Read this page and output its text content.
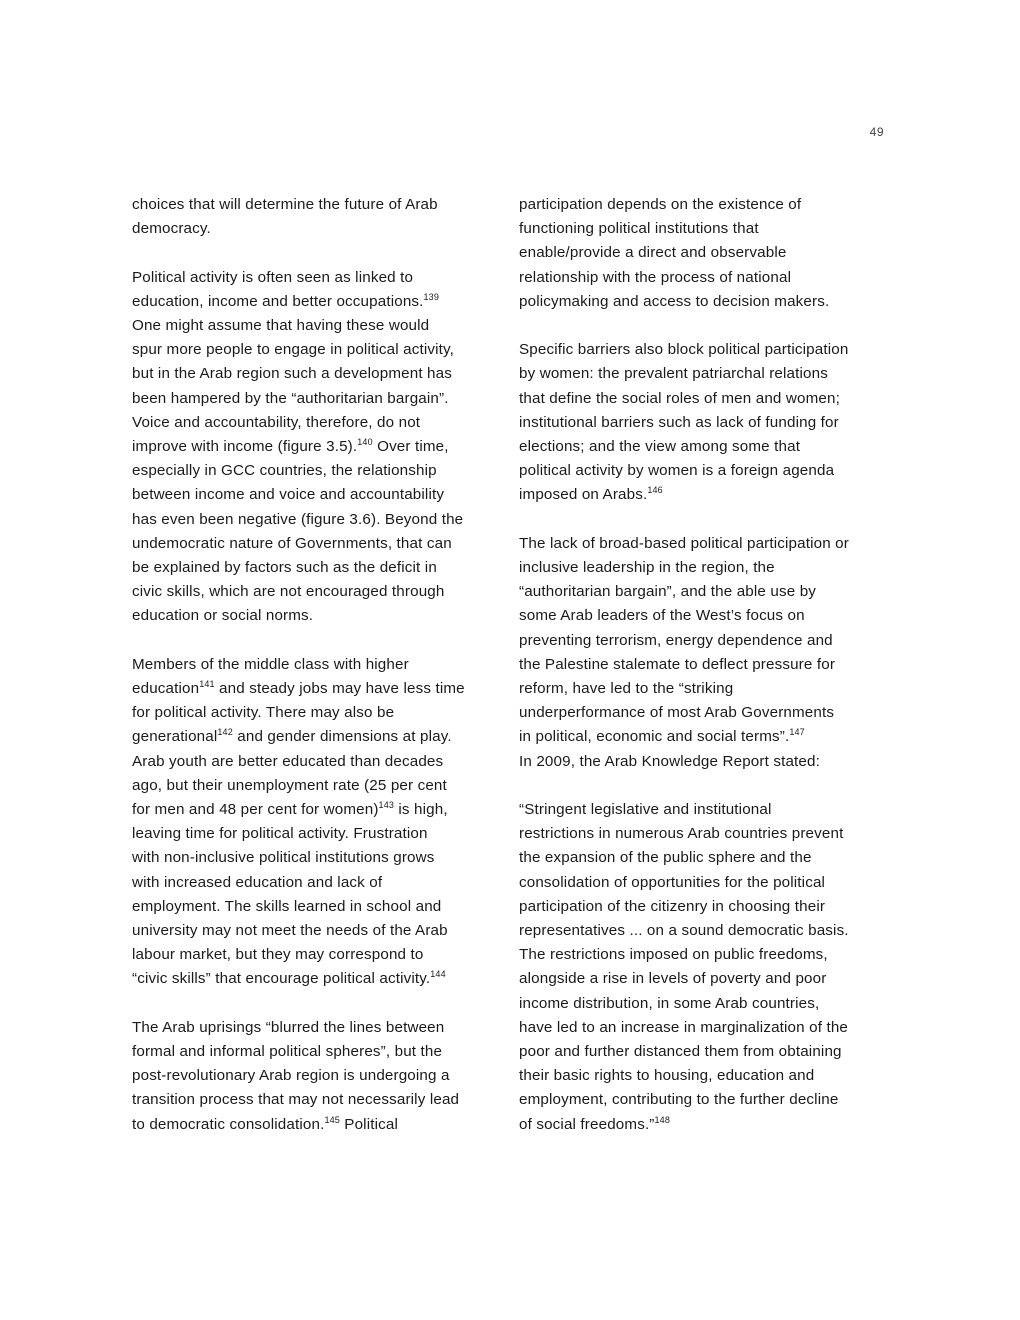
49

choices that will determine the future of Arab
democracy.

Political activity is often seen as linked to
education, income and better occupations.$^{139}$
One might assume that having these would
spur more people to engage in political activity,
but in the Arab region such a development has
been hampered by the “authoritarian bargain”.
Voice and accountability, therefore, do not
improve with income (figure 3.5).$^{140}$ Over time,
especially in GCC countries, the relationship
between income and voice and accountability
has even been negative (figure 3.6). Beyond the
undemocratic nature of Governments, that can
be explained by factors such as the deficit in
civic skills, which are not encouraged through
education or social norms.

Members of the middle class with higher
education$^{141}$ and steady jobs may have less time
for political activity. There may also be
generational$^{142}$ and gender dimensions at play.
Arab youth are better educated than decades
ago, but their unemployment rate (25 per cent
for men and 48 per cent for women)$^{143}$ is high,
leaving time for political activity. Frustration
with non-inclusive political institutions grows
with increased education and lack of
employment. The skills learned in school and
university may not meet the needs of the Arab
labour market, but they may correspond to
“civic skills” that encourage political activity.$^{144}$

The Arab uprisings “blurred the lines between
formal and informal political spheres”, but the
post-revolutionary Arab region is undergoing a
transition process that may not necessarily lead
to democratic consolidation.$^{145}$ Political

participation depends on the existence of
functioning political institutions that
enable/provide a direct and observable
relationship with the process of national
policymaking and access to decision makers.

Specific barriers also block political participation
by women: the prevalent patriarchal relations
that define the social roles of men and women;
institutional barriers such as lack of funding for
elections; and the view among some that
political activity by women is a foreign agenda
imposed on Arabs.$^{146}$

The lack of broad-based political participation or
inclusive leadership in the region, the
“authoritarian bargain”, and the able use by
some Arab leaders of the West’s focus on
preventing terrorism, energy dependence and
the Palestine stalemate to deflect pressure for
reform, have led to the “striking
underperformance of most Arab Governments
in political, economic and social terms”.$^{147}$
In 2009, the Arab Knowledge Report stated:

“Stringent legislative and institutional
restrictions in numerous Arab countries prevent
the expansion of the public sphere and the
consolidation of opportunities for the political
participation of the citizenry in choosing their
representatives ... on a sound democratic basis.
The restrictions imposed on public freedoms,
alongside a rise in levels of poverty and poor
income distribution, in some Arab countries,
have led to an increase in marginalization of the
poor and further distanced them from obtaining
their basic rights to housing, education and
employment, contributing to the further decline
of social freedoms.”$^{148}$
